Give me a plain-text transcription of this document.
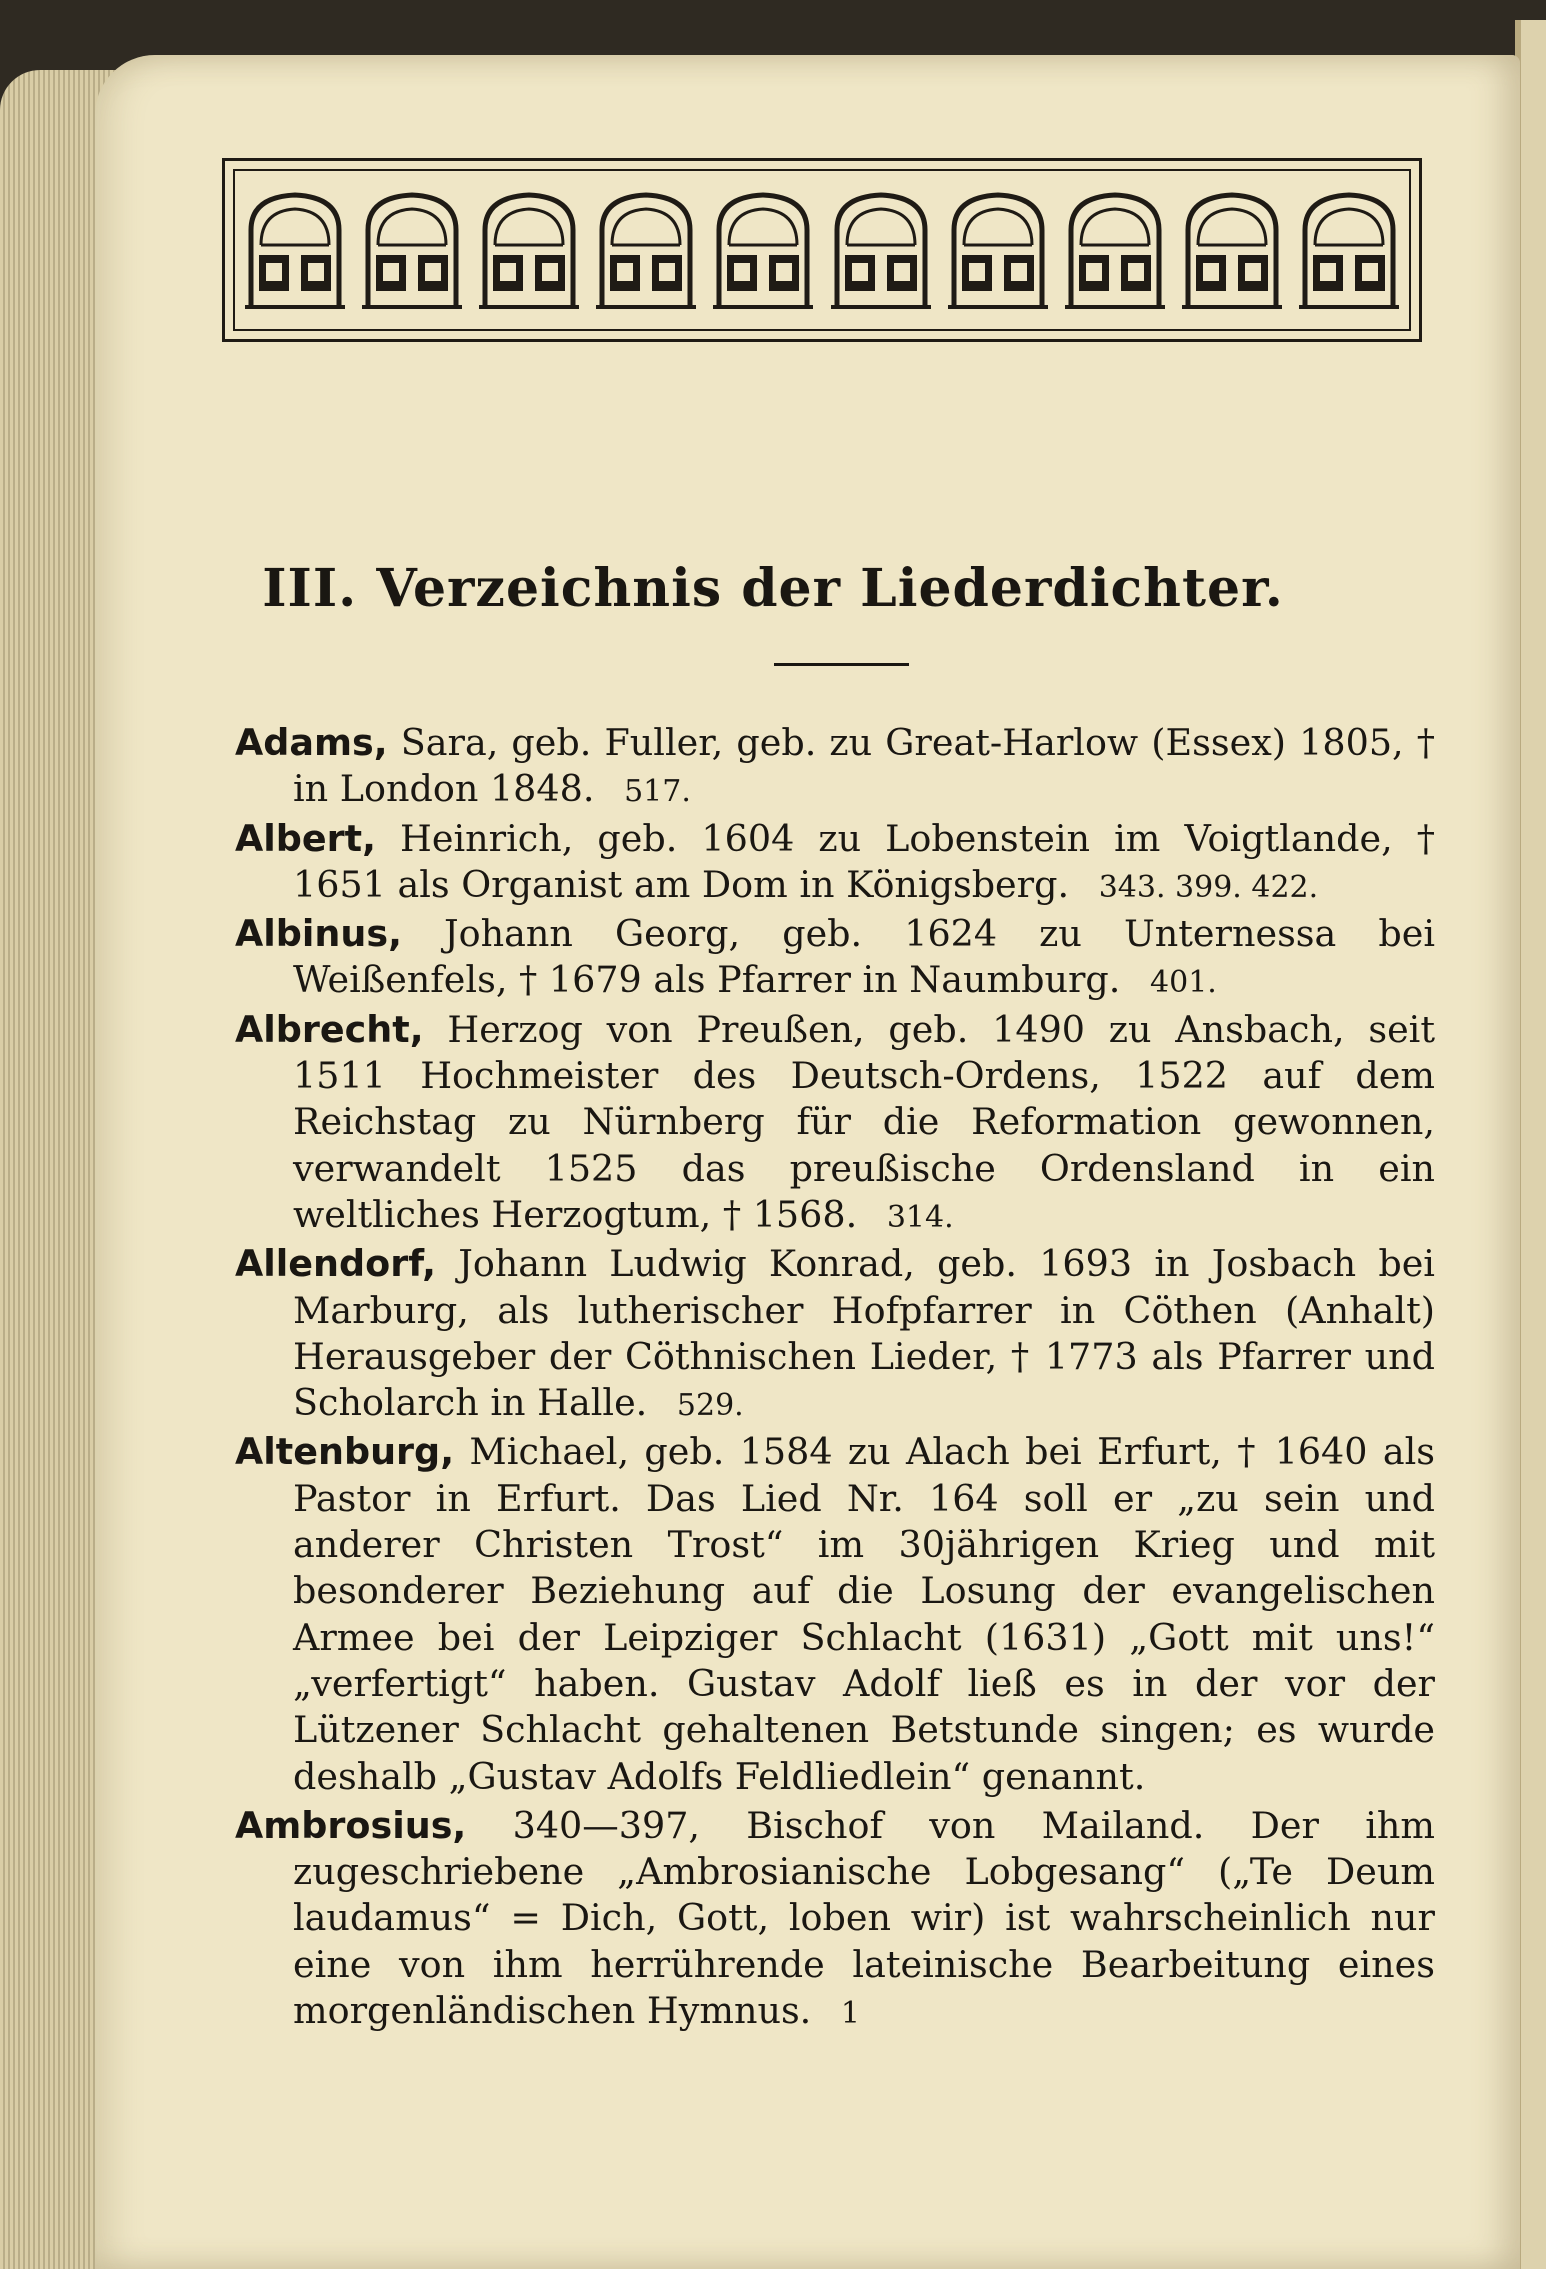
III. Verzeichnis der Liederdichter.

Adams, Sara, geb. Fuller, geb. zu Great-Harlow (Essex) 1805, † in London 1848. 517.

Albert, Heinrich, geb. 1604 zu Lobenstein im Voigtlande, † 1651 als Organist am Dom in Königsberg. 343. 399. 422.

Albinus, Johann Georg, geb. 1624 zu Unternessa bei Weißenfels, † 1679 als Pfarrer in Naumburg. 401.

Albrecht, Herzog von Preußen, geb. 1490 zu Ansbach, seit 1511 Hochmeister des Deutsch-Ordens, 1522 auf dem Reichstag zu Nürnberg für die Reformation gewonnen, verwandelt 1525 das preußische Ordensland in ein weltliches Herzogtum, † 1568. 314.

Allendorf, Johann Ludwig Konrad, geb. 1693 in Josbach bei Marburg, als lutherischer Hofpfarrer in Cöthen (Anhalt) Herausgeber der Cöthnischen Lieder, † 1773 als Pfarrer und Scholarch in Halle. 529.

Altenburg, Michael, geb. 1584 zu Alach bei Erfurt, † 1640 als Pastor in Erfurt. Das Lied Nr. 164 soll er „zu sein und anderer Christen Trost“ im 30jährigen Krieg und mit besonderer Beziehung auf die Losung der evangelischen Armee bei der Leipziger Schlacht (1631) „Gott mit uns!“ „verfertigt“ haben. Gustav Adolf ließ es in der vor der Lützener Schlacht gehaltenen Betstunde singen; es wurde deshalb „Gustav Adolfs Feldliedlein“ genannt.

Ambrosius, 340—397, Bischof von Mailand. Der ihm zugeschriebene „Ambrosianische Lobgesang“ („Te Deum laudamus“ = Dich, Gott, loben wir) ist wahrscheinlich nur eine von ihm herrührende lateinische Bearbeitung eines morgenländischen Hymnus. 1
